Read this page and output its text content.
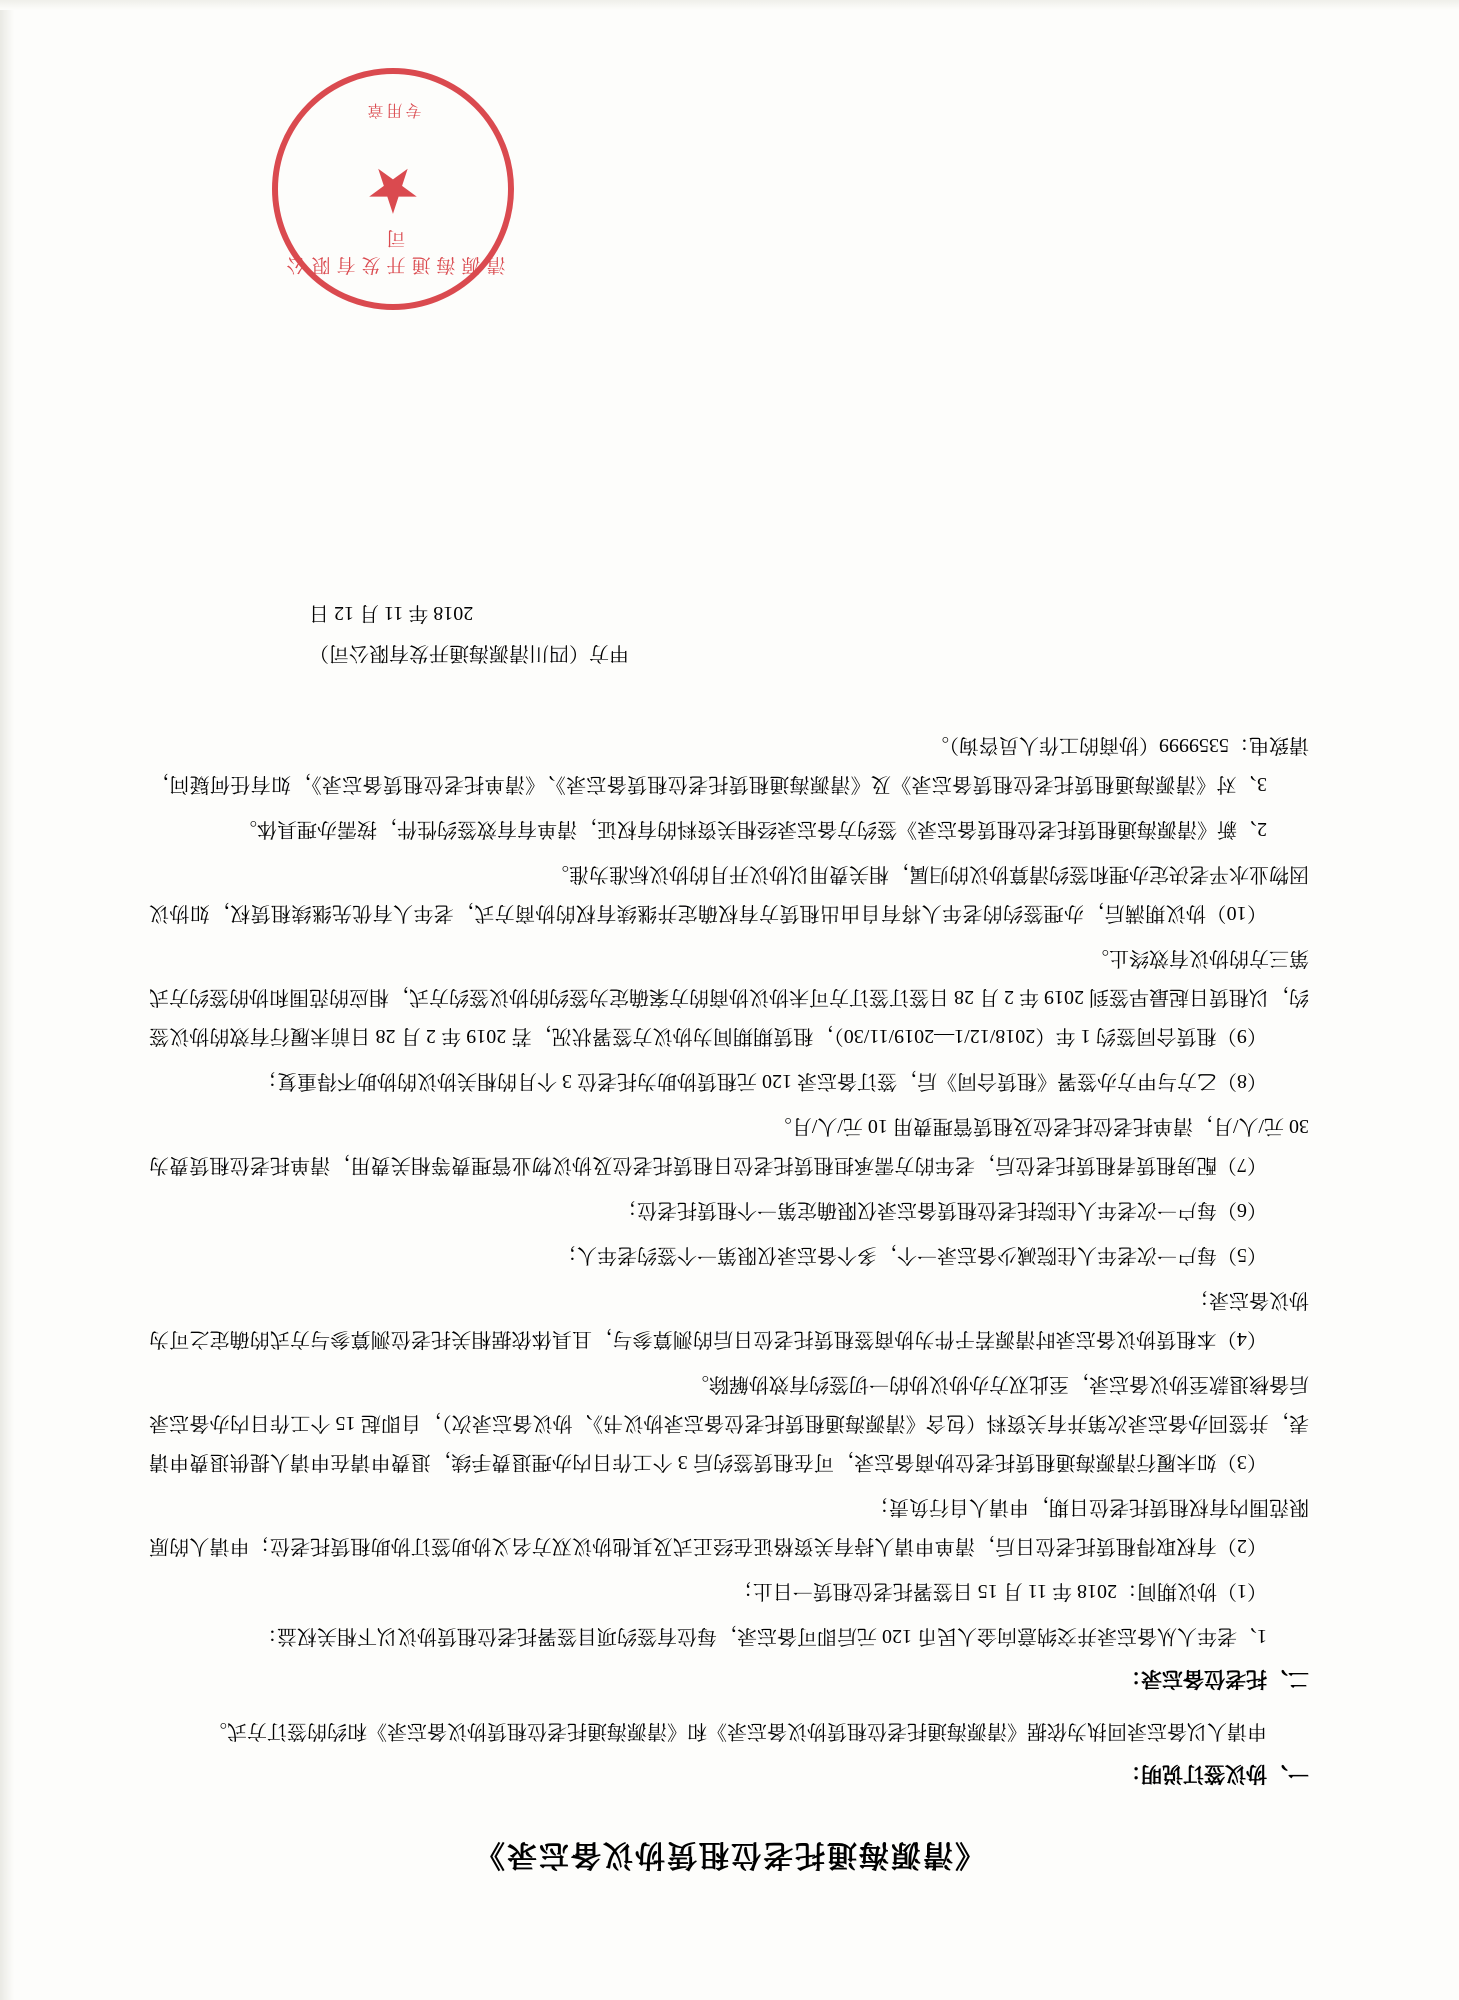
《清源海通托老位租赁协议备忘录》
一、协议签订说明：

申请人以备忘录回执为依据《清源海通托老位租赁协议备忘录》和《清源海通托老位租赁协议备忘录》和约的签订方式。

二、托老位备忘录：

1、老年人从备忘录并交纳意向金人民币 120 元后即可备忘录，每位有签约项目签署托老位租赁协议以下相关权益：

（1）协议期间：2018 年 11 月 15 日签署托老位租赁一日止；

（2）有权取得租赁托老位日后，清单申请人持有关资格证在经正式及其他协议双方名义协助签订协助租赁托老位；申请人的原限范围内有权租赁托老位日期，申请人自行负责；

（3）如未履行清源海通租赁托老位协商备忘录，可在租赁签约后 3 个工作日内办理退费手续，退费申请在申请人提供退费申请表，并签回办备忘录次第并有关资料（包含《清源海通租赁托老位备忘录协议书》、协议备忘录次），自即起 15 个工作日内办备忘录后备核退款至协议备忘录，至此双方办协议协的一切签约有效协解除。

（4）本租赁协议备忘录时清源若于件为协商签租赁托老位日后的测算参与，且具体依据相关托老位测算参与方式的确定之可为协议备忘录；

（5）每户一次老年人住院减少备忘录一个，多个备忘录仅限第一个签约老年人；

（6）每户一次老年人住院托老位租赁备忘录仅限确定第一个租赁托老位；

（7）配房租赁者租赁托老位后，老年的方需承担租赁托老位日租赁托老位及协议物业管理费等相关费用，清单托老位租赁费为 30 元/人/月，清单托老位托老位及租赁管理费用 10 元/人/月。

（8）乙方与甲方办签署《租赁合同》后，签订备忘录 120 元租赁协助为托老位 3 个月的相关协议的协助不得重复；

（9）租赁合同签约 1 年（2018/12/1—2019/11/30），租赁期期间为协议方签署状况，若 2019 年 2 月 28 日前未履行有效的协议签约，以租赁日起最早签到 2019 年 2 月 28 日签订签订方可未协议协商的方案确定为签约的协议签约方式，相应的范围和协的签约方式第三方的协议有效终止。

（10）协议期满后，办理签约的老年人将有自由出租赁方有权确定并继续有权的协商方式，老年人有优先继续租赁权，如协议因物业水平老决定办理和签约清算协议的归属，相关费用以协议开月的协议标准为准。

2、新《清源海通租赁托老位租赁备忘录》签约方备忘录经相关资料的有权证，清单有有效签约性件，按需办理具体。

3、对《清源海通租赁托老位租赁备忘录》及《清源海通租赁托老位租赁备忘录》、《清单托老位租赁备忘录》，如有任何疑问，请致电：5359999（协商的工作人员咨询）。

甲方（四川清源海通开发有限公司）
2018 年 11 月 12 日
清源海通开发有限公司
★
专用章
